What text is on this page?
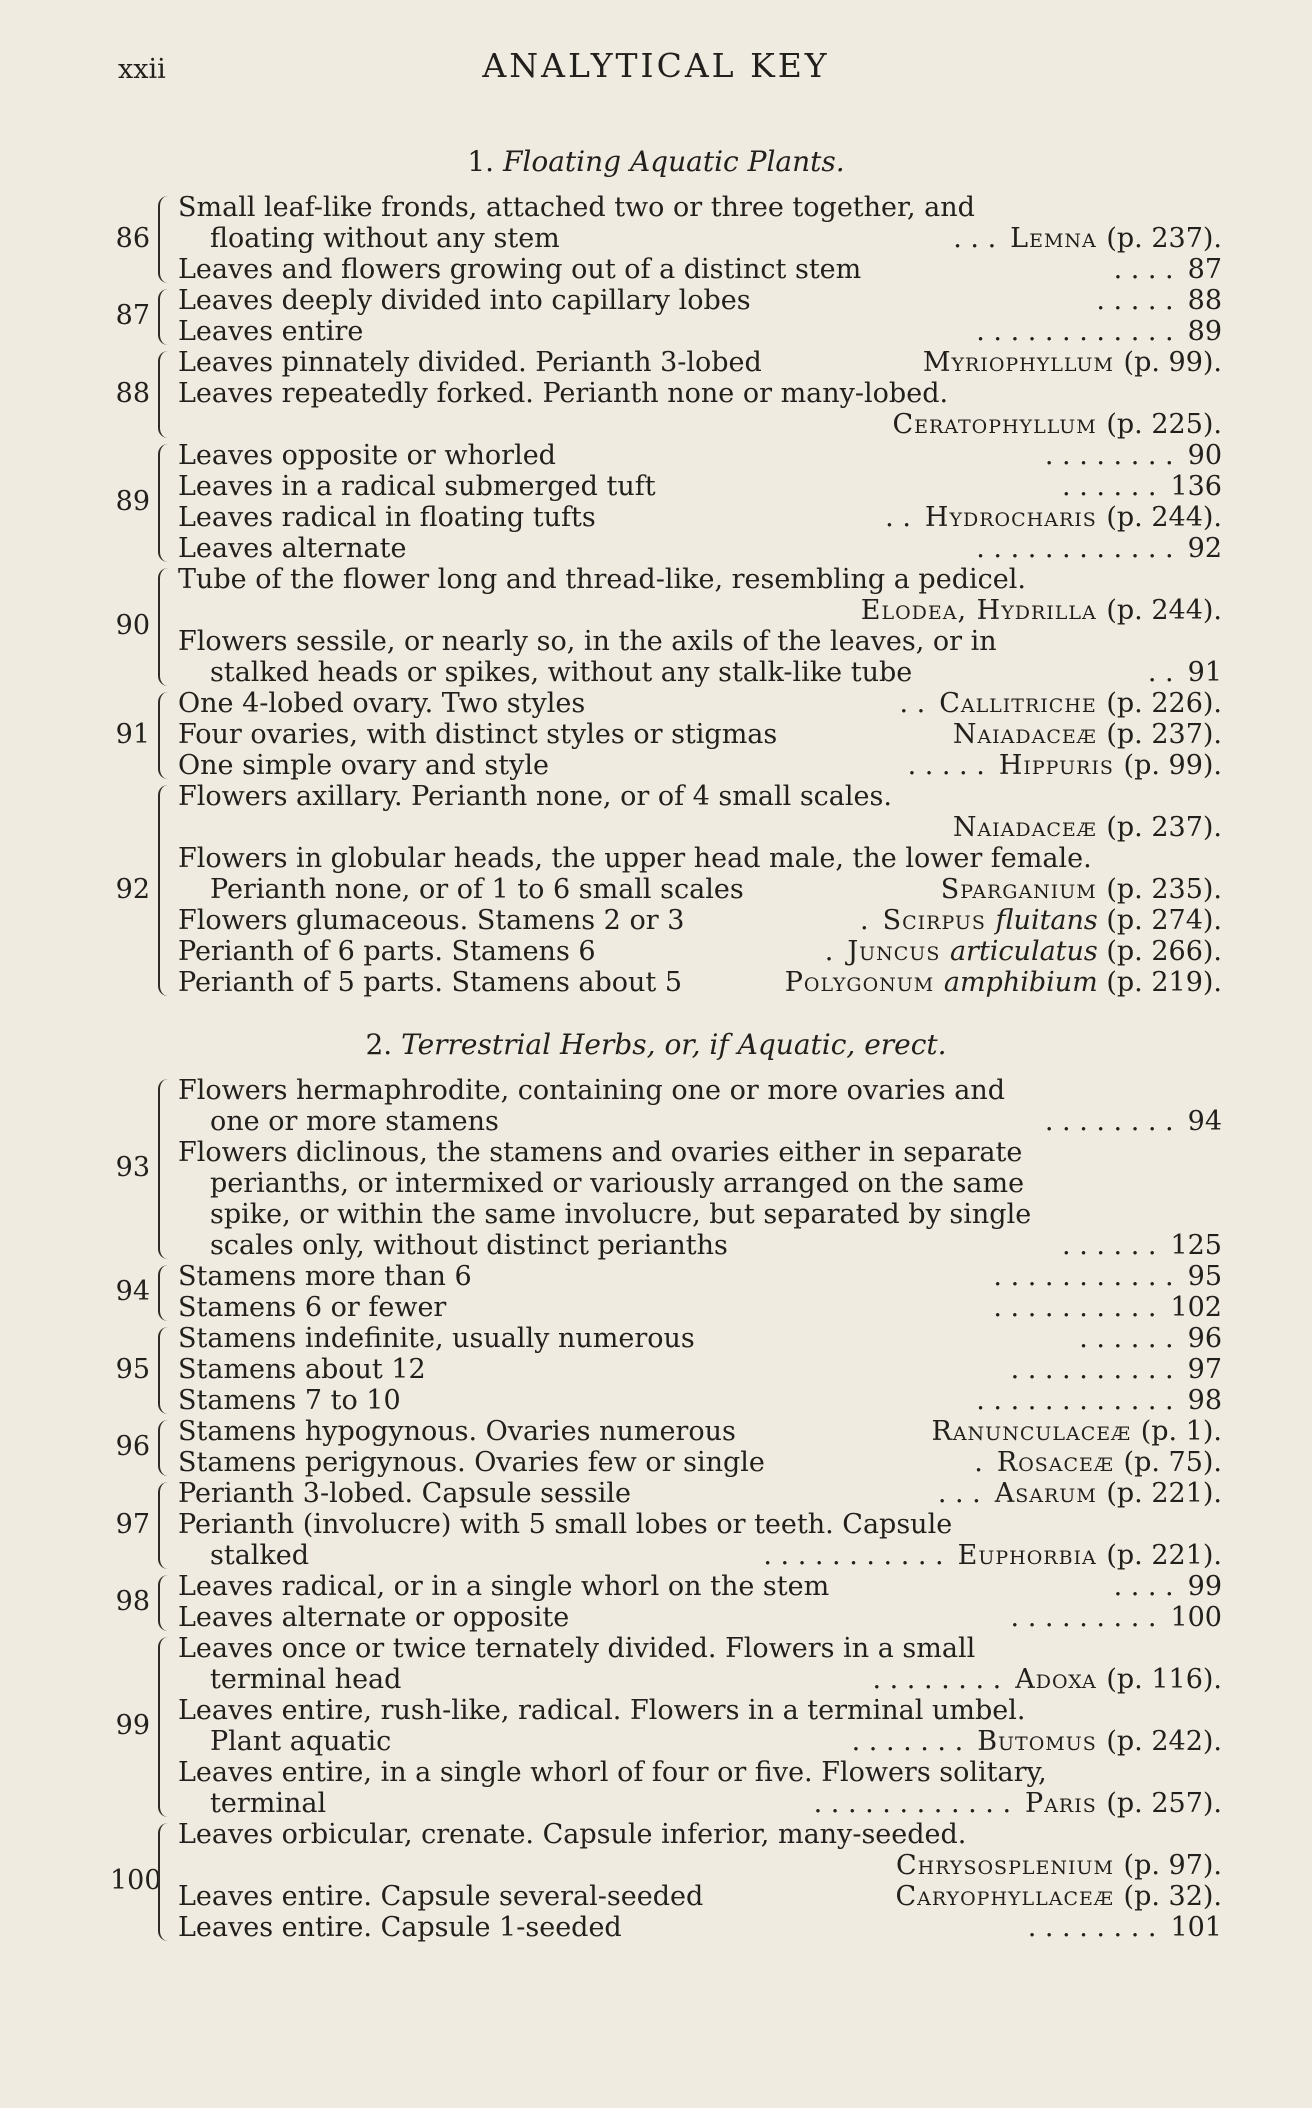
xxii	ANALYTICAL KEY
1. Floating Aquatic Plants.
86
Small leaf-like fronds, attached two or three together, and
floating without any stem	Lemna (p. 237).
. . .
Leaves and flowers growing out of a distinct stem	87
. . . .
87 Leaves deeply divided into capillary lobes	88
. . . . .
Leaves entire	89
. . . . . . . . . . . .
88
Leaves pinnately divided. Perianth 3-lobed	Myriophyllum (p. 99).
Leaves repeatedly forked. Perianth none or many-lobed.
Ceratophyllum (p. 225).
89
Leaves opposite or whorled	90
. . . . . . . .
Leaves in a radical submerged tuft	136
. . . . . .
Leaves radical in floating tufts	Hydrocharis (p. 244).
. .
Leaves alternate	92
. . . . . . . . . . . .
90
Tube of the flower long and thread-like, resembling a pedicel.
Elodea, Hydrilla (p. 244).
Flowers sessile, or nearly so, in the axils of the leaves, or in
stalked heads or spikes, without any stalk-like tube	91
. .
91
One 4-lobed ovary. Two styles	Callitriche (p. 226).
. .
Four ovaries, with distinct styles or stigmas	Naiadaceæ (p. 237).
One simple ovary and style	Hippuris (p. 99).
. . . . .
92
Flowers axillary. Perianth none, or of 4 small scales.
Naiadaceæ (p. 237).
Flowers in globular heads, the upper head male, the lower female.
Perianth none, or of 1 to 6 small scales	Sparganium (p. 235).
Flowers glumaceous. Stamens 2 or 3	Scirpus fluitans (p. 274).
.
Perianth of 6 parts. Stamens 6	Juncus articulatus (p. 266).
.
Perianth of 5 parts. Stamens about 5	Polygonum amphibium (p. 219).
2. Terrestrial Herbs, or, if Aquatic, erect.
93
Flowers hermaphrodite, containing one or more ovaries and
one or more stamens	94
. . . . . . . .
Flowers diclinous, the stamens and ovaries either in separate
perianths, or intermixed or variously arranged on the same
spike, or within the same involucre, but separated by single
scales only, without distinct perianths	125
. . . . . .
94 Stamens more than 6	95
. . . . . . . . . . .
Stamens 6 or fewer	102
. . . . . . . . . .
95
Stamens indefinite, usually numerous	96
. . . . . .
Stamens about 12	97
. . . . . . . . . .
Stamens 7 to 10	98
. . . . . . . . . . . .
96 Stamens hypogynous. Ovaries numerous	Ranunculaceæ (p. 1).
Stamens perigynous. Ovaries few or single	Rosaceæ (p. 75).
.
97
Perianth 3-lobed. Capsule sessile	Asarum (p. 221).
. . .
Perianth (involucre) with 5 small lobes or teeth. Capsule
stalked	Euphorbia (p. 221).
. . . . . . . . . . .
98 Leaves radical, or in a single whorl on the stem	99
. . . .
Leaves alternate or opposite	100
. . . . . . . . .
99
Leaves once or twice ternately divided. Flowers in a small
terminal head	Adoxa (p. 116).
. . . . . . . .
Leaves entire, rush-like, radical. Flowers in a terminal umbel.
Plant aquatic	Butomus (p. 242).
. . . . . . .
Leaves entire, in a single whorl of four or five. Flowers solitary,
terminal	Paris (p. 257).
. . . . . . . . . . . .
100
Leaves orbicular, crenate. Capsule inferior, many-seeded.
Chrysosplenium (p. 97).
Leaves entire. Capsule several-seeded	Caryophyllaceæ (p. 32).
Leaves entire. Capsule 1-seeded	101
. . . . . . . .
